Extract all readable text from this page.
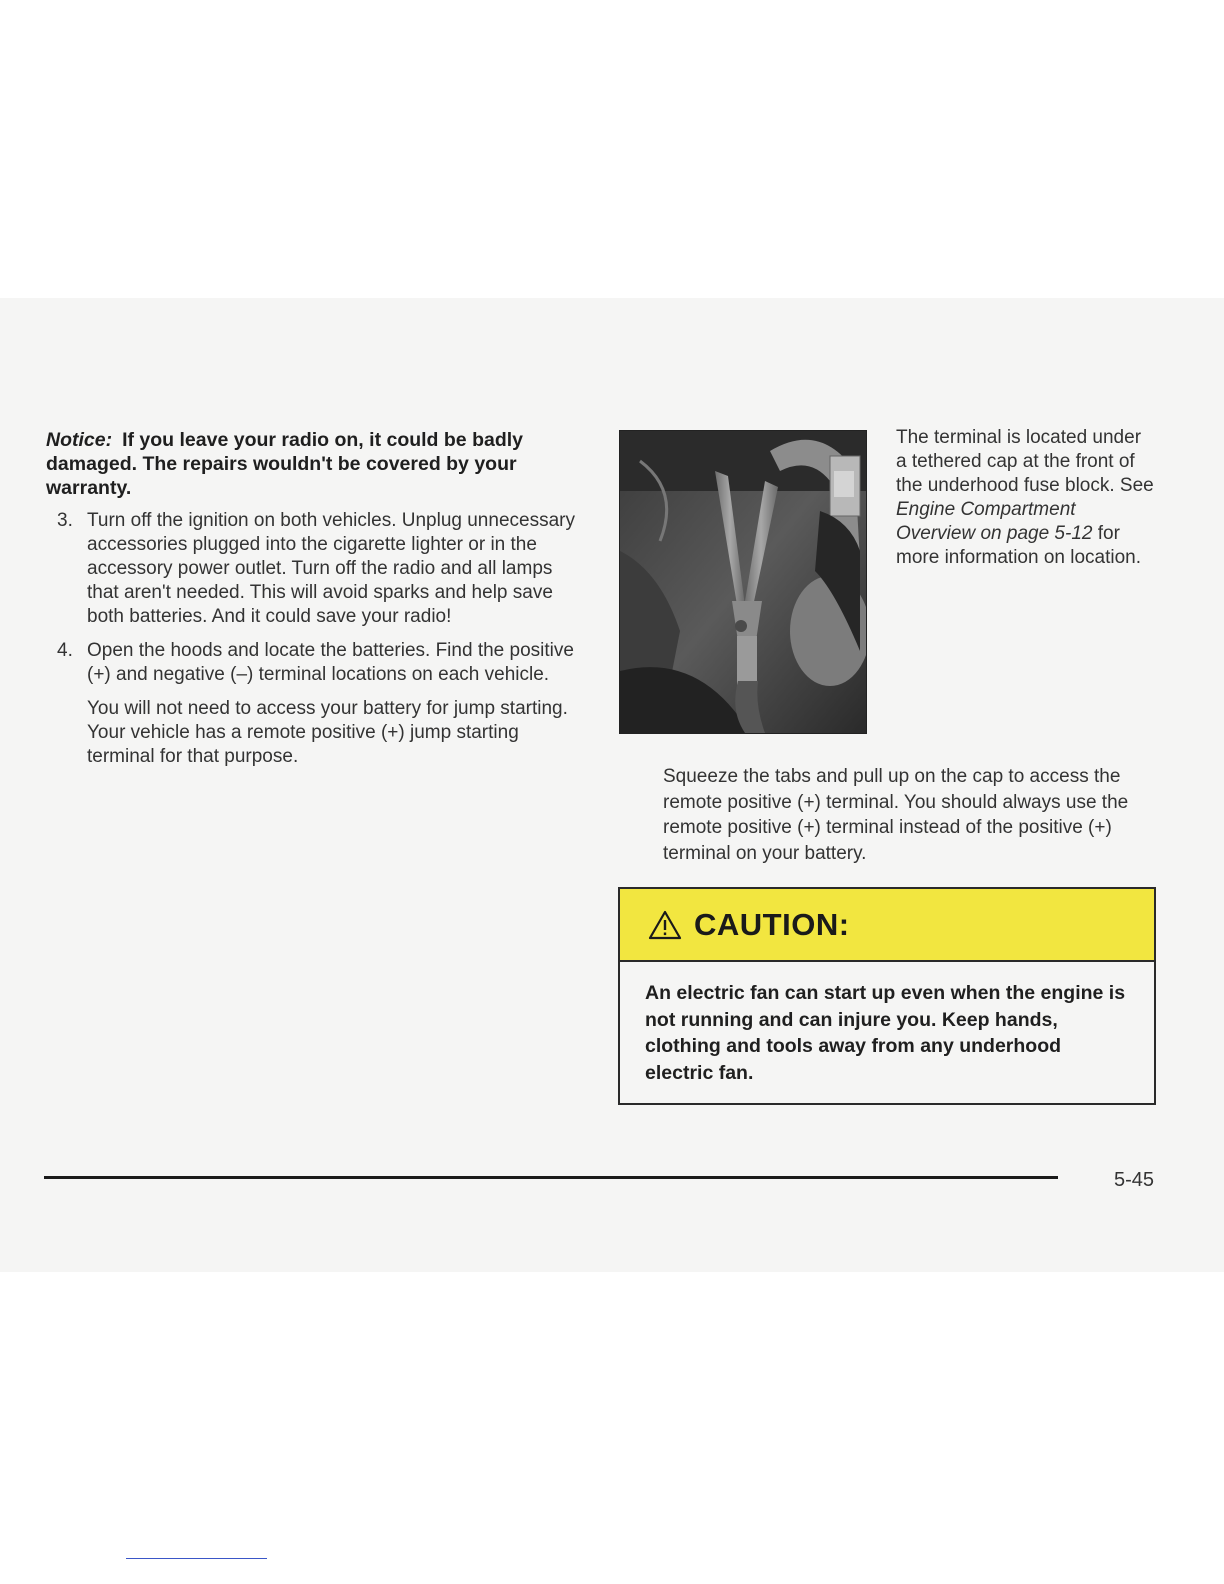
Notice: If you leave your radio on, it could be badly damaged. The repairs wouldn't be covered by your warranty.

3. Turn off the ignition on both vehicles. Unplug unnecessary accessories plugged into the cigarette lighter or in the accessory power outlet. Turn off the radio and all lamps that aren't needed. This will avoid sparks and help save both batteries. And it could save your radio!
4. Open the hoods and locate the batteries. Find the positive (+) and negative (–) terminal locations on each vehicle.
You will not need to access your battery for jump starting. Your vehicle has a remote positive (+) jump starting terminal for that purpose.

The terminal is located under a tethered cap at the front of the underhood fuse block. See Engine Compartment Overview on page 5-12 for more information on location.

Squeeze the tabs and pull up on the cap to access the remote positive (+) terminal. You should always use the remote positive (+) terminal instead of the positive (+) terminal on your battery.

CAUTION:

An electric fan can start up even when the engine is not running and can injure you. Keep hands, clothing and tools away from any underhood electric fan.

5-45
